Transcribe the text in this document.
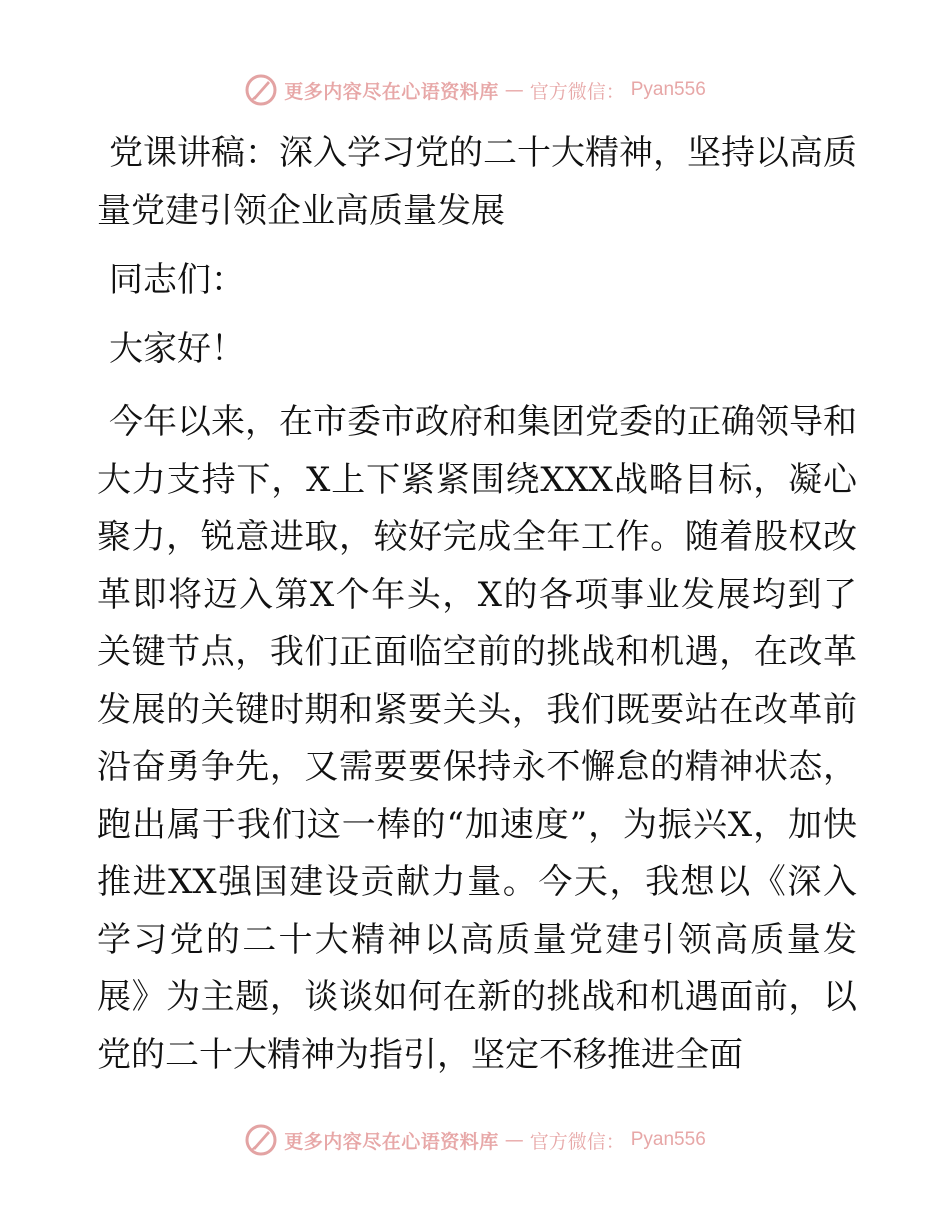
更多内容尽在心语资料库 — 官方微信： Pyan556
党课讲稿：深入学习党的二十大精神，坚持以高质量党建引领企业高质量发展

同志们：

大家好！

今年以来，在市委市政府和集团党委的正确领导和大力支持下，X上下紧紧围绕XXX战略目标，凝心聚力，锐意进取，较好完成全年工作。随着股权改革即将迈入第X个年头，X的各项事业发展均到了关键节点，我们正面临空前的挑战和机遇，在改革发展的关键时期和紧要关头，我们既要站在改革前沿奋勇争先，又需要要保持永不懈怠的精神状态，跑出属于我们这一棒的“加速度”，为振兴X，加快推进XX强国建设贡献力量。今天，我想以《深入学习党的二十大精神以高质量党建引领高质量发展》为主题，谈谈如何在新的挑战和机遇面前，以党的二十大精神为指引，坚定不移推进全面

更多内容尽在心语资料库 — 官方微信： Pyan556
